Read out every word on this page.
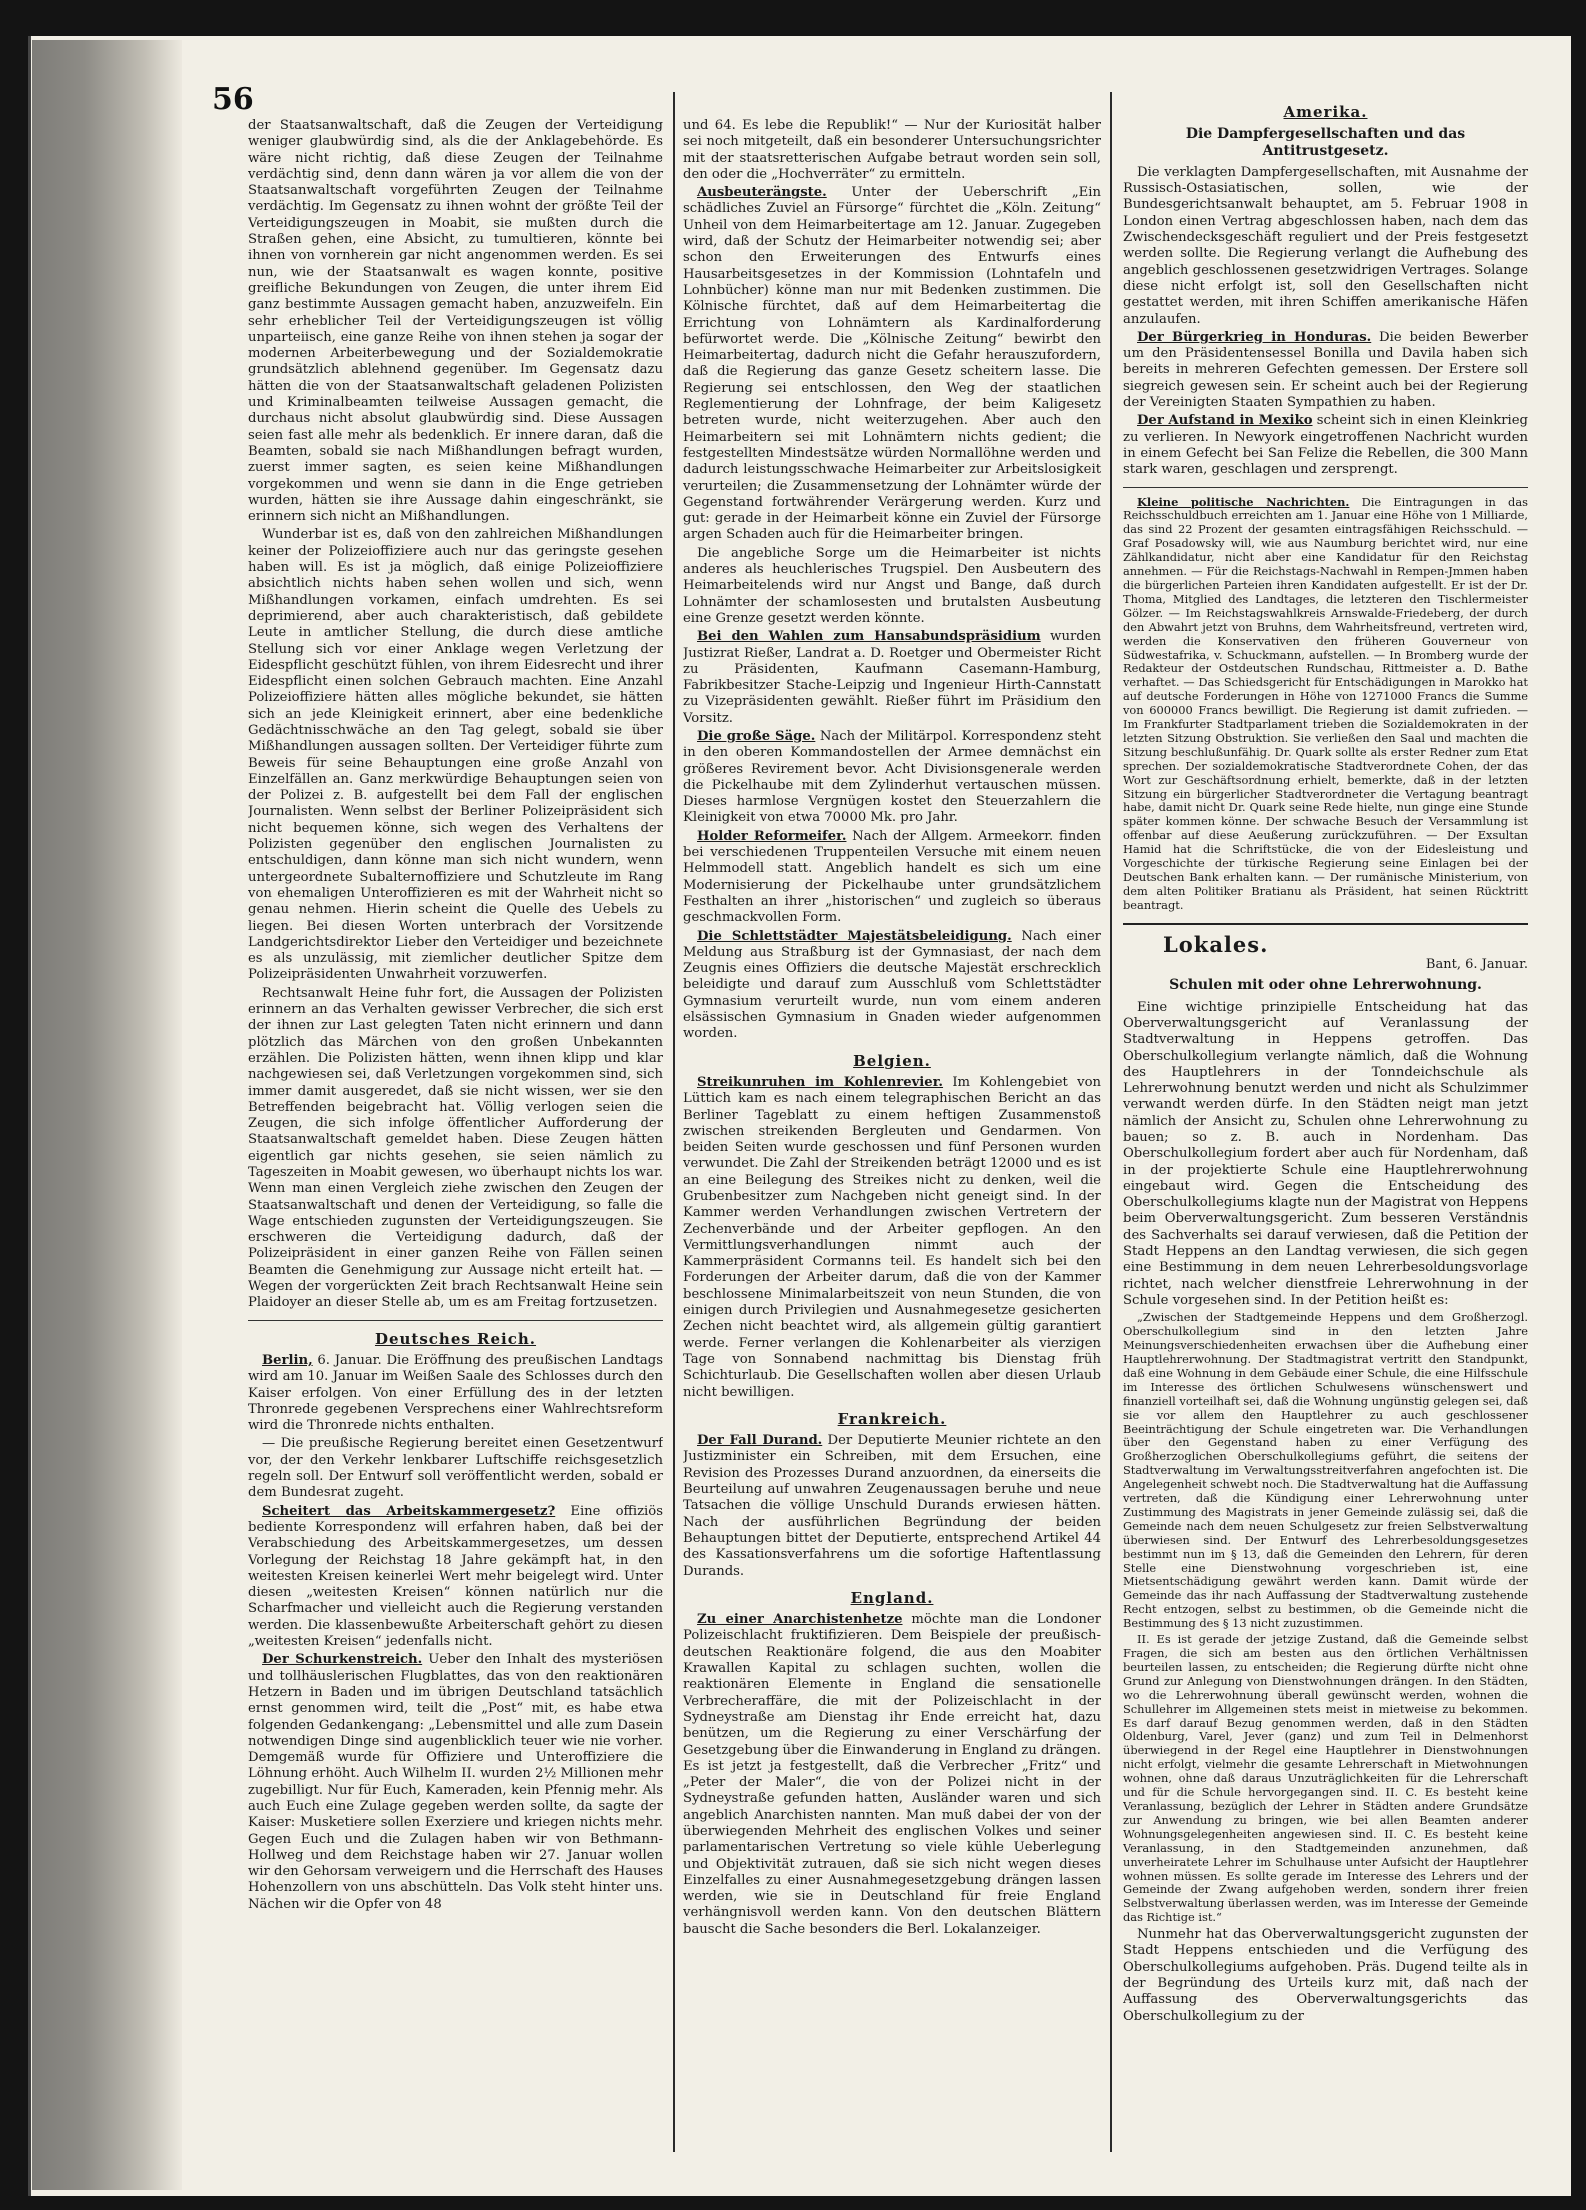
56

der Staatsanwaltschaft, daß die Zeugen der Verteidigung weniger glaubwürdig sind, als die der Anklagebehörde. Es wäre nicht richtig, daß diese Zeugen der Teilnahme verdächtig sind, denn dann wären ja vor allem die von der Staatsanwaltschaft vorgeführten Zeugen der Teilnahme verdächtig. Im Gegensatz zu ihnen wohnt der größte Teil der Verteidigungszeugen in Moabit, sie mußten durch die Straßen gehen, eine Absicht, zu tumultieren, könnte bei ihnen von vornherein gar nicht angenommen werden. Es sei nun, wie der Staatsanwalt es wagen konnte, positive greifliche Bekundungen von Zeugen, die unter ihrem Eid ganz bestimmte Aussagen gemacht haben, anzuzweifeln. Ein sehr erheblicher Teil der Verteidigungszeugen ist völlig unparteiisch, eine ganze Reihe von ihnen stehen ja sogar der modernen Arbeiterbewegung und der Sozialdemokratie grundsätzlich ablehnend gegenüber. Im Gegensatz dazu hätten die von der Staatsanwaltschaft geladenen Polizisten und Kriminalbeamten teilweise Aussagen gemacht, die durchaus nicht absolut glaubwürdig sind. Diese Aussagen seien fast alle mehr als bedenklich. Er innere daran, daß die Beamten, sobald sie nach Mißhandlungen befragt wurden, zuerst immer sagten, es seien keine Mißhandlungen vorgekommen und wenn sie dann in die Enge getrieben wurden, hätten sie ihre Aussage dahin eingeschränkt, sie erinnern sich nicht an Mißhandlungen.

Wunderbar ist es, daß von den zahlreichen Mißhandlungen keiner der Polizeioffiziere auch nur das geringste gesehen haben will. Es ist ja möglich, daß einige Polizeioffiziere absichtlich nichts haben sehen wollen und sich, wenn Mißhandlungen vorkamen, einfach umdrehten. Es sei deprimierend, aber auch charakteristisch, daß gebildete Leute in amtlicher Stellung, die durch diese amtliche Stellung sich vor einer Anklage wegen Verletzung der Eidespflicht geschützt fühlen, von ihrem Eidesrecht und ihrer Eidespflicht einen solchen Gebrauch machten. Eine Anzahl Polizeioffiziere hätten alles mögliche bekundet, sie hätten sich an jede Kleinigkeit erinnert, aber eine bedenkliche Gedächtnisschwäche an den Tag gelegt, sobald sie über Mißhandlungen aussagen sollten. Der Verteidiger führte zum Beweis für seine Behauptungen eine große Anzahl von Einzelfällen an. Ganz merkwürdige Behauptungen seien von der Polizei z. B. aufgestellt bei dem Fall der englischen Journalisten. Wenn selbst der Berliner Polizeipräsident sich nicht bequemen könne, sich wegen des Verhaltens der Polizisten gegenüber den englischen Journalisten zu entschuldigen, dann könne man sich nicht wundern, wenn untergeordnete Subalternoffiziere und Schutzleute im Rang von ehemaligen Unteroffizieren es mit der Wahrheit nicht so genau nehmen. Hierin scheint die Quelle des Uebels zu liegen. Bei diesen Worten unterbrach der Vorsitzende Landgerichtsdirektor Lieber den Verteidiger und bezeichnete es als unzulässig, mit ziemlicher deutlicher Spitze dem Polizeipräsidenten Unwahrheit vorzuwerfen.

Rechtsanwalt Heine fuhr fort, die Aussagen der Polizisten erinnern an das Verhalten gewisser Verbrecher, die sich erst der ihnen zur Last gelegten Taten nicht erinnern und dann plötzlich das Märchen von den großen Unbekannten erzählen. Die Polizisten hätten, wenn ihnen klipp und klar nachgewiesen sei, daß Verletzungen vorgekommen sind, sich immer damit ausgeredet, daß sie nicht wissen, wer sie den Betreffenden beigebracht hat. Völlig verlogen seien die Zeugen, die sich infolge öffentlicher Aufforderung der Staatsanwaltschaft gemeldet haben. Diese Zeugen hätten eigentlich gar nichts gesehen, sie seien nämlich zu Tageszeiten in Moabit gewesen, wo überhaupt nichts los war. Wenn man einen Vergleich ziehe zwischen den Zeugen der Staatsanwaltschaft und denen der Verteidigung, so falle die Wage entschieden zugunsten der Verteidigungszeugen. Sie erschweren die Verteidigung dadurch, daß der Polizeipräsident in einer ganzen Reihe von Fällen seinen Beamten die Genehmigung zur Aussage nicht erteilt hat. — Wegen der vorgerückten Zeit brach Rechtsanwalt Heine sein Plaidoyer an dieser Stelle ab, um es am Freitag fortzusetzen.

Deutsches Reich.

Berlin, 6. Januar. Die Eröffnung des preußischen Landtags wird am 10. Januar im Weißen Saale des Schlosses durch den Kaiser erfolgen. Von einer Erfüllung des in der letzten Thronrede gegebenen Versprechens einer Wahlrechtsreform wird die Thronrede nichts enthalten.

— Die preußische Regierung bereitet einen Gesetzentwurf vor, der den Verkehr lenkbarer Luftschiffe reichsgesetzlich regeln soll. Der Entwurf soll veröffentlicht werden, sobald er dem Bundesrat zugeht.

Scheitert das Arbeitskammergesetz? Eine offiziös bediente Korrespondenz will erfahren haben, daß bei der Verabschiedung des Arbeitskammergesetzes, um dessen Vorlegung der Reichstag 18 Jahre gekämpft hat, in den weitesten Kreisen keinerlei Wert mehr beigelegt wird. Unter diesen „weitesten Kreisen“ können natürlich nur die Scharfmacher und vielleicht auch die Regierung verstanden werden. Die klassenbewußte Arbeiterschaft gehört zu diesen „weitesten Kreisen“ jedenfalls nicht.

Der Schurkenstreich. Ueber den Inhalt des mysteriösen und tollhäuslerischen Flugblattes, das von den reaktionären Hetzern in Baden und im übrigen Deutschland tatsächlich ernst genommen wird, teilt die „Post“ mit, es habe etwa folgenden Gedankengang: „Lebensmittel und alle zum Dasein notwendigen Dinge sind augenblicklich teuer wie nie vorher. Demgemäß wurde für Offiziere und Unteroffiziere die Löhnung erhöht. Auch Wilhelm II. wurden 2½ Millionen mehr zugebilligt. Nur für Euch, Kameraden, kein Pfennig mehr. Als auch Euch eine Zulage gegeben werden sollte, da sagte der Kaiser: Musketiere sollen Exerziere und kriegen nichts mehr. Gegen Euch und die Zulagen haben wir von Bethmann-Hollweg und dem Reichstage haben wir 27. Januar wollen wir den Gehorsam verweigern und die Herrschaft des Hauses Hohenzollern von uns abschütteln. Das Volk steht hinter uns. Nächen wir die Opfer von 48

und 64. Es lebe die Republik!“ — Nur der Kuriosität halber sei noch mitgeteilt, daß ein besonderer Untersuchungsrichter mit der staatsretterischen Aufgabe betraut worden sein soll, den oder die „Hochverräter“ zu ermitteln.

Ausbeuterängste. Unter der Ueberschrift „Ein schädliches Zuviel an Fürsorge“ fürchtet die „Köln. Zeitung“ Unheil von dem Heimarbeitertage am 12. Januar. Zugegeben wird, daß der Schutz der Heimarbeiter notwendig sei; aber schon den Erweiterungen des Entwurfs eines Hausarbeitsgesetzes in der Kommission (Lohntafeln und Lohnbücher) könne man nur mit Bedenken zustimmen. Die Kölnische fürchtet, daß auf dem Heimarbeitertag die Errichtung von Lohnämtern als Kardinalforderung befürwortet werde. Die „Kölnische Zeitung“ bewirbt den Heimarbeitertag, dadurch nicht die Gefahr herauszufordern, daß die Regierung das ganze Gesetz scheitern lasse. Die Regierung sei entschlossen, den Weg der staatlichen Reglementierung der Lohnfrage, der beim Kaligesetz betreten wurde, nicht weiterzugehen. Aber auch den Heimarbeitern sei mit Lohnämtern nichts gedient; die festgestellten Mindestsätze würden Normallöhne werden und dadurch leistungsschwache Heimarbeiter zur Arbeitslosigkeit verurteilen; die Zusammensetzung der Lohnämter würde der Gegenstand fortwährender Verärgerung werden. Kurz und gut: gerade in der Heimarbeit könne ein Zuviel der Fürsorge argen Schaden auch für die Heimarbeiter bringen.

Die angebliche Sorge um die Heimarbeiter ist nichts anderes als heuchlerisches Trugspiel. Den Ausbeutern des Heimarbeitelends wird nur Angst und Bange, daß durch Lohnämter der schamlosesten und brutalsten Ausbeutung eine Grenze gesetzt werden könnte.

Bei den Wahlen zum Hansabundspräsidium wurden Justizrat Rießer, Landrat a. D. Roetger und Obermeister Richt zu Präsidenten, Kaufmann Casemann-Hamburg, Fabrikbesitzer Stache-Leipzig und Ingenieur Hirth-Cannstatt zu Vizepräsidenten gewählt. Rießer führt im Präsidium den Vorsitz.

Die große Säge. Nach der Militärpol. Korrespondenz steht in den oberen Kommandostellen der Armee demnächst ein größeres Revirement bevor. Acht Divisionsgenerale werden die Pickelhaube mit dem Zylinderhut vertauschen müssen. Dieses harmlose Vergnügen kostet den Steuerzahlern die Kleinigkeit von etwa 70000 Mk. pro Jahr.

Holder Reformeifer. Nach der Allgem. Armeekorr. finden bei verschiedenen Truppenteilen Versuche mit einem neuen Helmmodell statt. Angeblich handelt es sich um eine Modernisierung der Pickelhaube unter grundsätzlichem Festhalten an ihrer „historischen“ und zugleich so überaus geschmackvollen Form.

Die Schlettstädter Majestätsbeleidigung. Nach einer Meldung aus Straßburg ist der Gymnasiast, der nach dem Zeugnis eines Offiziers die deutsche Majestät erschrecklich beleidigte und darauf zum Ausschluß vom Schlettstädter Gymnasium verurteilt wurde, nun vom einem anderen elsässischen Gymnasium in Gnaden wieder aufgenommen worden.

Belgien.

Streikunruhen im Kohlenrevier. Im Kohlengebiet von Lüttich kam es nach einem telegraphischen Bericht an das Berliner Tageblatt zu einem heftigen Zusammenstoß zwischen streikenden Bergleuten und Gendarmen. Von beiden Seiten wurde geschossen und fünf Personen wurden verwundet. Die Zahl der Streikenden beträgt 12000 und es ist an eine Beilegung des Streikes nicht zu denken, weil die Grubenbesitzer zum Nachgeben nicht geneigt sind. In der Kammer werden Verhandlungen zwischen Vertretern der Zechenverbände und der Arbeiter gepflogen. An den Vermittlungsverhandlungen nimmt auch der Kammerpräsident Cormanns teil. Es handelt sich bei den Forderungen der Arbeiter darum, daß die von der Kammer beschlossene Minimalarbeitszeit von neun Stunden, die von einigen durch Privilegien und Ausnahmegesetze gesicherten Zechen nicht beachtet wird, als allgemein gültig garantiert werde. Ferner verlangen die Kohlenarbeiter als vierzigen Tage von Sonnabend nachmittag bis Dienstag früh Schichturlaub. Die Gesellschaften wollen aber diesen Urlaub nicht bewilligen.

Frankreich.

Der Fall Durand. Der Deputierte Meunier richtete an den Justizminister ein Schreiben, mit dem Ersuchen, eine Revision des Prozesses Durand anzuordnen, da einerseits die Beurteilung auf unwahren Zeugenaussagen beruhe und neue Tatsachen die völlige Unschuld Durands erwiesen hätten. Nach der ausführlichen Begründung der beiden Behauptungen bittet der Deputierte, entsprechend Artikel 44 des Kassationsverfahrens um die sofortige Haftentlassung Durands.

England.

Zu einer Anarchistenhetze möchte man die Londoner Polizeischlacht fruktifizieren. Dem Beispiele der preußisch-deutschen Reaktionäre folgend, die aus den Moabiter Krawallen Kapital zu schlagen suchten, wollen die reaktionären Elemente in England die sensationelle Verbrecheraffäre, die mit der Polizeischlacht in der Sydneystraße am Dienstag ihr Ende erreicht hat, dazu benützen, um die Regierung zu einer Verschärfung der Gesetzgebung über die Einwanderung in England zu drängen. Es ist jetzt ja festgestellt, daß die Verbrecher „Fritz“ und „Peter der Maler“, die von der Polizei nicht in der Sydneystraße gefunden hatten, Ausländer waren und sich angeblich Anarchisten nannten. Man muß dabei der von der überwiegenden Mehrheit des englischen Volkes und seiner parlamentarischen Vertretung so viele kühle Ueberlegung und Objektivität zutrauen, daß sie sich nicht wegen dieses Einzelfalles zu einer Ausnahmegesetzgebung drängen lassen werden, wie sie in Deutschland für freie England verhängnisvoll werden kann. Von den deutschen Blättern bauscht die Sache besonders die Berl. Lokalanzeiger.

Amerika.
Die Dampfergesellschaften und das Antitrustgesetz.

Die verklagten Dampfergesellschaften, mit Ausnahme der Russisch-Ostasiatischen, sollen, wie der Bundesgerichtsanwalt behauptet, am 5. Februar 1908 in London einen Vertrag abgeschlossen haben, nach dem das Zwischendecksgeschäft reguliert und der Preis festgesetzt werden sollte. Die Regierung verlangt die Aufhebung des angeblich geschlossenen gesetzwidrigen Vertrages. Solange diese nicht erfolgt ist, soll den Gesellschaften nicht gestattet werden, mit ihren Schiffen amerikanische Häfen anzulaufen.

Der Bürgerkrieg in Honduras. Die beiden Bewerber um den Präsidentensessel Bonilla und Davila haben sich bereits in mehreren Gefechten gemessen. Der Erstere soll siegreich gewesen sein. Er scheint auch bei der Regierung der Vereinigten Staaten Sympathien zu haben.

Der Aufstand in Mexiko scheint sich in einen Kleinkrieg zu verlieren. In Newyork eingetroffenen Nachricht wurden in einem Gefecht bei San Felize die Rebellen, die 300 Mann stark waren, geschlagen und zersprengt.

Kleine politische Nachrichten. Die Eintragungen in das Reichsschuldbuch erreichten am 1. Januar eine Höhe von 1 Milliarde, das sind 22 Prozent der gesamten eintragsfähigen Reichsschuld. — Graf Posadowsky will, wie aus Naumburg berichtet wird, nur eine Zählkandidatur, nicht aber eine Kandidatur für den Reichstag annehmen. — Für die Reichstags-Nachwahl in Rempen-Jmmen haben die bürgerlichen Parteien ihren Kandidaten aufgestellt. Er ist der Dr. Thoma, Mitglied des Landtages, die letzteren den Tischlermeister Gölzer. — Im Reichstagswahlkreis Arnswalde-Friedeberg, der durch den Abwahrt jetzt von Bruhns, dem Wahrheitsfreund, vertreten wird, werden die Konservativen den früheren Gouverneur von Südwestafrika, v. Schuckmann, aufstellen. — In Bromberg wurde der Redakteur der Ostdeutschen Rundschau, Rittmeister a. D. Bathe verhaftet. — Das Schiedsgericht für Entschädigungen in Marokko hat auf deutsche Forderungen in Höhe von 1271000 Francs die Summe von 600000 Francs bewilligt. Die Regierung ist damit zufrieden. — Im Frankfurter Stadtparlament trieben die Sozialdemokraten in der letzten Sitzung Obstruktion. Sie verließen den Saal und machten die Sitzung beschlußunfähig. Dr. Quark sollte als erster Redner zum Etat sprechen. Der sozialdemokratische Stadtverordnete Cohen, der das Wort zur Geschäftsordnung erhielt, bemerkte, daß in der letzten Sitzung ein bürgerlicher Stadtverordneter die Vertagung beantragt habe, damit nicht Dr. Quark seine Rede hielte, nun ginge eine Stunde später kommen könne. Der schwache Besuch der Versammlung ist offenbar auf diese Aeußerung zurückzuführen. — Der Exsultan Hamid hat die Schriftstücke, die von der Eidesleistung und Vorgeschichte der türkische Regierung seine Einlagen bei der Deutschen Bank erhalten kann. — Der rumänische Ministerium, von dem alten Politiker Bratianu als Präsident, hat seinen Rücktritt beantragt.

Lokales.
Bant, 6. Januar.
Schulen mit oder ohne Lehrerwohnung.

Eine wichtige prinzipielle Entscheidung hat das Oberverwaltungsgericht auf Veranlassung der Stadtverwaltung in Heppens getroffen. Das Oberschulkollegium verlangte nämlich, daß die Wohnung des Hauptlehrers in der Tonndeichschule als Lehrerwohnung benutzt werden und nicht als Schulzimmer verwandt werden dürfe. In den Städten neigt man jetzt nämlich der Ansicht zu, Schulen ohne Lehrerwohnung zu bauen; so z. B. auch in Nordenham. Das Oberschulkollegium fordert aber auch für Nordenham, daß in der projektierte Schule eine Hauptlehrerwohnung eingebaut wird. Gegen die Entscheidung des Oberschulkollegiums klagte nun der Magistrat von Heppens beim Oberverwaltungsgericht. Zum besseren Verständnis des Sachverhalts sei darauf verwiesen, daß die Petition der Stadt Heppens an den Landtag verwiesen, die sich gegen eine Bestimmung in dem neuen Lehrerbesoldungsvorlage richtet, nach welcher dienstfreie Lehrerwohnung in der Schule vorgesehen sind. In der Petition heißt es:

„Zwischen der Stadtgemeinde Heppens und dem Großherzogl. Oberschulkollegium sind in den letzten Jahre Meinungsverschiedenheiten erwachsen über die Aufhebung einer Hauptlehrerwohnung. Der Stadtmagistrat vertritt den Standpunkt, daß eine Wohnung in dem Gebäude einer Schule, die eine Hilfsschule im Interesse des örtlichen Schulwesens wünschenswert und finanziell vorteilhaft sei, daß die Wohnung ungünstig gelegen sei, daß sie vor allem den Hauptlehrer zu auch geschlossener Beeinträchtigung der Schule eingetreten war. Die Verhandlungen über den Gegenstand haben zu einer Verfügung des Großherzoglichen Oberschulkollegiums geführt, die seitens der Stadtverwaltung im Verwaltungsstreitverfahren angefochten ist. Die Angelegenheit schwebt noch. Die Stadtverwaltung hat die Auffassung vertreten, daß die Kündigung einer Lehrerwohnung unter Zustimmung des Magistrats in jener Gemeinde zulässig sei, daß die Gemeinde nach dem neuen Schulgesetz zur freien Selbstverwaltung überwiesen sind. Der Entwurf des Lehrerbesoldungsgesetzes bestimmt nun im § 13, daß die Gemeinden den Lehrern, für deren Stelle eine Dienstwohnung vorgeschrieben ist, eine Mietsentschädigung gewährt werden kann. Damit würde der Gemeinde das ihr nach Auffassung der Stadtverwaltung zustehende Recht entzogen, selbst zu bestimmen, ob die Gemeinde nicht die Bestimmung des § 13 nicht zuzustimmen.

II. Es ist gerade der jetzige Zustand, daß die Gemeinde selbst Fragen, die sich am besten aus den örtlichen Verhältnissen beurteilen lassen, zu entscheiden; die Regierung dürfte nicht ohne Grund zur Anlegung von Dienstwohnungen drängen. In den Städten, wo die Lehrerwohnung überall gewünscht werden, wohnen die Schullehrer im Allgemeinen stets meist in mietweise zu bekommen. Es darf darauf Bezug genommen werden, daß in den Städten Oldenburg, Varel, Jever (ganz) und zum Teil in Delmenhorst überwiegend in der Regel eine Hauptlehrer in Dienstwohnungen nicht erfolgt, vielmehr die gesamte Lehrerschaft in Mietwohnungen wohnen, ohne daß daraus Unzuträglichkeiten für die Lehrerschaft und für die Schule hervorgegangen sind. II. C. Es besteht keine Veranlassung, bezüglich der Lehrer in Städten andere Grundsätze zur Anwendung zu bringen, wie bei allen Beamten anderer Wohnungsgelegenheiten angewiesen sind. II. C. Es besteht keine Veranlassung, in den Stadtgemeinden anzunehmen, daß unverheiratete Lehrer im Schulhause unter Aufsicht der Hauptlehrer wohnen müssen. Es sollte gerade im Interesse des Lehrers und der Gemeinde der Zwang aufgehoben werden, sondern ihrer freien Selbstverwaltung überlassen werden, was im Interesse der Gemeinde das Richtige ist.“

Nunmehr hat das Oberverwaltungsgericht zugunsten der Stadt Heppens entschieden und die Verfügung des Oberschulkollegiums aufgehoben. Präs. Dugend teilte als in der Begründung des Urteils kurz mit, daß nach der Auffassung des Oberverwaltungsgerichts das Oberschulkollegium zu der
